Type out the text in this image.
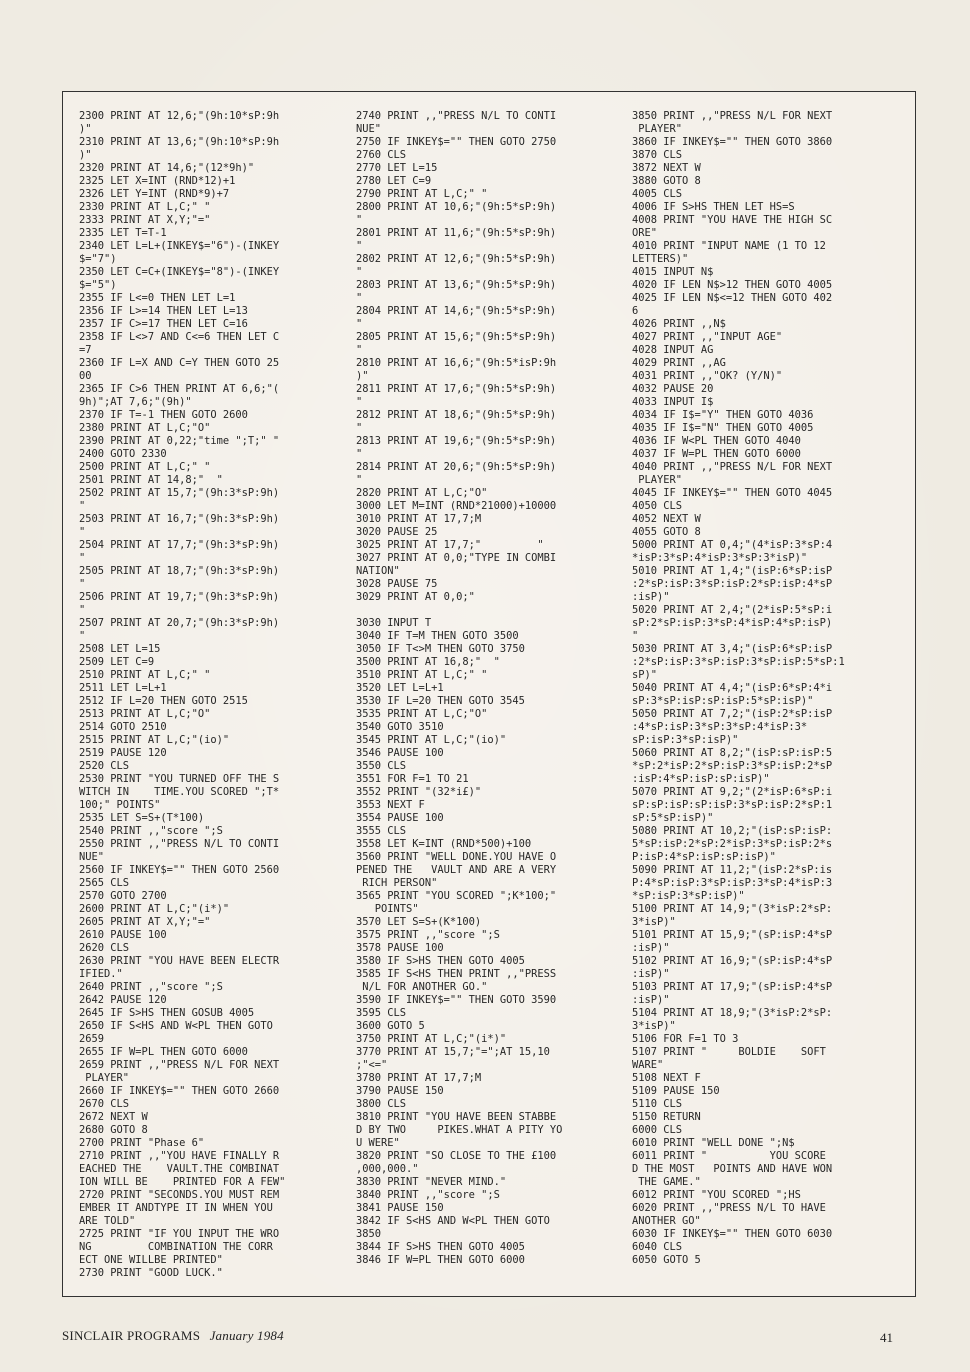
2300 PRINT AT 12,6;"(9h:10*sP:9h
)"
2310 PRINT AT 13,6;"(9h:10*sP:9h
)"
2320 PRINT AT 14,6;"(12*9h)"
2325 LET X=INT (RND*12)+1
2326 LET Y=INT (RND*9)+7
2330 PRINT AT L,C;" "
2333 PRINT AT X,Y;"="
2335 LET T=T-1
2340 LET L=L+(INKEY$="6")-(INKEY
$="7")
2350 LET C=C+(INKEY$="8")-(INKEY
$="5")
2355 IF L<=0 THEN LET L=1
2356 IF L>=14 THEN LET L=13
2357 IF C>=17 THEN LET C=16
2358 IF L<>7 AND C<=6 THEN LET C
=7
2360 IF L=X AND C=Y THEN GOTO 25
00
2365 IF C>6 THEN PRINT AT 6,6;"(
9h)";AT 7,6;"(9h)"
2370 IF T=-1 THEN GOTO 2600
2380 PRINT AT L,C;"O"
2390 PRINT AT 0,22;"time ";T;" "
2400 GOTO 2330
2500 PRINT AT L,C;" "
2501 PRINT AT 14,8;"  "
2502 PRINT AT 15,7;"(9h:3*sP:9h)
"
2503 PRINT AT 16,7;"(9h:3*sP:9h)
"
2504 PRINT AT 17,7;"(9h:3*sP:9h)
"
2505 PRINT AT 18,7;"(9h:3*sP:9h)
"
2506 PRINT AT 19,7;"(9h:3*sP:9h)
"
2507 PRINT AT 20,7;"(9h:3*sP:9h)
"
2508 LET L=15
2509 LET C=9
2510 PRINT AT L,C;" "
2511 LET L=L+1
2512 IF L=20 THEN GOTO 2515
2513 PRINT AT L,C;"O"
2514 GOTO 2510
2515 PRINT AT L,C;"(io)"
2519 PAUSE 120
2520 CLS
2530 PRINT "YOU TURNED OFF THE S
WITCH IN    TIME.YOU SCORED ";T*
100;" POINTS"
2535 LET S=S+(T*100)
2540 PRINT ,,"score ";S
2550 PRINT ,,"PRESS N/L TO CONTI
NUE"
2560 IF INKEY$="" THEN GOTO 2560
2565 CLS
2570 GOTO 2700
2600 PRINT AT L,C;"(i*)"
2605 PRINT AT X,Y;"="
2610 PAUSE 100
2620 CLS
2630 PRINT "YOU HAVE BEEN ELECTR
IFIED."
2640 PRINT ,,"score ";S
2642 PAUSE 120
2645 IF S>HS THEN GOSUB 4005
2650 IF S<HS AND W<PL THEN GOTO
2659
2655 IF W=PL THEN GOTO 6000
2659 PRINT ,,"PRESS N/L FOR NEXT
PLAYER"
2660 IF INKEY$="" THEN GOTO 2660
2670 CLS
2672 NEXT W
2680 GOTO 8
2700 PRINT "Phase 6"
2710 PRINT ,,"YOU HAVE FINALLY R
EACHED THE    VAULT.THE COMBINAT
ION WILL BE    PRINTED FOR A FEW"
2720 PRINT "SECONDS.YOU MUST REM
EMBER IT ANDTYPE IT IN WHEN YOU
ARE TOLD"
2725 PRINT "IF YOU INPUT THE WRO
NG         COMBINATION THE CORR
ECT ONE WILLBE PRINTED"
2730 PRINT "GOOD LUCK."
2740 PRINT ,,"PRESS N/L TO CONTI
NUE"
2750 IF INKEY$="" THEN GOTO 2750
2760 CLS
2770 LET L=15
2780 LET C=9
2790 PRINT AT L,C;" "
2800 PRINT AT 10,6;"(9h:5*sP:9h)
"
2801 PRINT AT 11,6;"(9h:5*sP:9h)
"
2802 PRINT AT 12,6;"(9h:5*sP:9h)
"
2803 PRINT AT 13,6;"(9h:5*sP:9h)
"
2804 PRINT AT 14,6;"(9h:5*sP:9h)
"
2805 PRINT AT 15,6;"(9h:5*sP:9h)
"
2810 PRINT AT 16,6;"(9h:5*isP:9h
)"
2811 PRINT AT 17,6;"(9h:5*sP:9h)
"
2812 PRINT AT 18,6;"(9h:5*sP:9h)
"
2813 PRINT AT 19,6;"(9h:5*sP:9h)
"
2814 PRINT AT 20,6;"(9h:5*sP:9h)
"
2820 PRINT AT L,C;"O"
3000 LET M=INT (RND*21000)+10000
3010 PRINT AT 17,7;M
3020 PAUSE 25
3025 PRINT AT 17,7;"         "
3027 PRINT AT 0,0;"TYPE IN COMBI
NATION"
3028 PAUSE 75
3029 PRINT AT 0,0;"
3030 INPUT T
3040 IF T=M THEN GOTO 3500
3050 IF T<>M THEN GOTO 3750
3500 PRINT AT 16,8;"  "
3510 PRINT AT L,C;" "
3520 LET L=L+1
3530 IF L=20 THEN GOTO 3545
3535 PRINT AT L,C;"O"
3540 GOTO 3510
3545 PRINT AT L,C;"(io)"
3546 PAUSE 100
3550 CLS
3551 FOR F=1 TO 21
3552 PRINT "(32*i£)"
3553 NEXT F
3554 PAUSE 100
3555 CLS
3558 LET K=INT (RND*500)+100
3560 PRINT "WELL DONE.YOU HAVE O
PENED THE   VAULT AND ARE A VERY
RICH PERSON"
3565 PRINT "YOU SCORED ";K*100;"
POINTS"
3570 LET S=S+(K*100)
3575 PRINT ,,"score ";S
3578 PAUSE 100
3580 IF S>HS THEN GOTO 4005
3585 IF S<HS THEN PRINT ,,"PRESS
N/L FOR ANOTHER GO."
3590 IF INKEY$="" THEN GOTO 3590
3595 CLS
3600 GOTO 5
3750 PRINT AT L,C;"(i*)"
3770 PRINT AT 15,7;"=";AT 15,10
;"<="
3780 PRINT AT 17,7;M
3790 PAUSE 150
3800 CLS
3810 PRINT "YOU HAVE BEEN STABBE
D BY TWO     PIKES.WHAT A PITY YO
U WERE"
3820 PRINT "SO CLOSE TO THE £100
,000,000."
3830 PRINT "NEVER MIND."
3840 PRINT ,,"score ";S
3841 PAUSE 150
3842 IF S<HS AND W<PL THEN GOTO
3850
3844 IF S>HS THEN GOTO 4005
3846 IF W=PL THEN GOTO 6000
3850 PRINT ,,"PRESS N/L FOR NEXT
PLAYER"
3860 IF INKEY$="" THEN GOTO 3860
3870 CLS
3872 NEXT W
3880 GOTO 8
4005 CLS
4006 IF S>HS THEN LET HS=S
4008 PRINT "YOU HAVE THE HIGH SC
ORE"
4010 PRINT "INPUT NAME (1 TO 12
LETTERS)"
4015 INPUT N$
4020 IF LEN N$>12 THEN GOTO 4005
4025 IF LEN N$<=12 THEN GOTO 402
6
4026 PRINT ,,N$
4027 PRINT ,,"INPUT AGE"
4028 INPUT AG
4029 PRINT ,,AG
4031 PRINT ,,"OK? (Y/N)"
4032 PAUSE 20
4033 INPUT I$
4034 IF I$="Y" THEN GOTO 4036
4035 IF I$="N" THEN GOTO 4005
4036 IF W<PL THEN GOTO 4040
4037 IF W=PL THEN GOTO 6000
4040 PRINT ,,"PRESS N/L FOR NEXT
PLAYER"
4045 IF INKEY$="" THEN GOTO 4045
4050 CLS
4052 NEXT W
4055 GOTO 8
5000 PRINT AT 0,4;"(4*isP:3*sP:4
*isP:3*sP:4*isP:3*sP:3*isP)"
5010 PRINT AT 1,4;"(isP:6*sP:isP
:2*sP:isP:3*sP:isP:2*sP:isP:4*sP
:isP)"
5020 PRINT AT 2,4;"(2*isP:5*sP:i
sP:2*sP:isP:3*sP:4*isP:4*sP:isP)
"
5030 PRINT AT 3,4;"(isP:6*sP:isP
:2*sP:isP:3*sP:isP:3*sP:isP:5*sP:1
sP)"
5040 PRINT AT 4,4;"(isP:6*sP:4*i
sP:3*sP:isP:sP:isP:5*sP:isP)"
5050 PRINT AT 7,2;"(isP:2*sP:isP
:4*sP:isP:3*sP:3*sP:4*isP:3*
sP:isP:3*sP:isP)"
5060 PRINT AT 8,2;"(isP:sP:isP:5
*sP:2*isP:2*sP:isP:3*sP:isP:2*sP
:isP:4*sP:isP:sP:isP)"
5070 PRINT AT 9,2;"(2*isP:6*sP:i
sP:sP:isP:sP:isP:3*sP:isP:2*sP:1
sP:5*sP:isP)"
5080 PRINT AT 10,2;"(isP:sP:isP:
5*sP:isP:2*sP:2*isP:3*sP:isP:2*s
P:isP:4*sP:isP:sP:isP)"
5090 PRINT AT 11,2;"(isP:2*sP:is
P:4*sP:isP:3*sP:isP:3*sP:4*isP:3
*sP:isP:3*sP:isP)"
5100 PRINT AT 14,9;"(3*isP:2*sP:
3*isP)"
5101 PRINT AT 15,9;"(sP:isP:4*sP
:isP)"
5102 PRINT AT 16,9;"(sP:isP:4*sP
:isP)"
5103 PRINT AT 17,9;"(sP:isP:4*sP
:isP)"
5104 PRINT AT 18,9;"(3*isP:2*sP:
3*isP)"
5106 FOR F=1 TO 3
5107 PRINT "     BOLDIE    SOFT
WARE"
5108 NEXT F
5109 PAUSE 150
5110 CLS
5150 RETURN
6000 CLS
6010 PRINT "WELL DONE ";N$
6011 PRINT "          YOU SCORE
D THE MOST   POINTS AND HAVE WON
THE GAME."
6012 PRINT "YOU SCORED ";HS
6020 PRINT ,,"PRESS N/L TO HAVE
ANOTHER GO"
6030 IF INKEY$="" THEN GOTO 6030
6040 CLS
6050 GOTO 5
SINCLAIR PROGRAMS January 1984	41
